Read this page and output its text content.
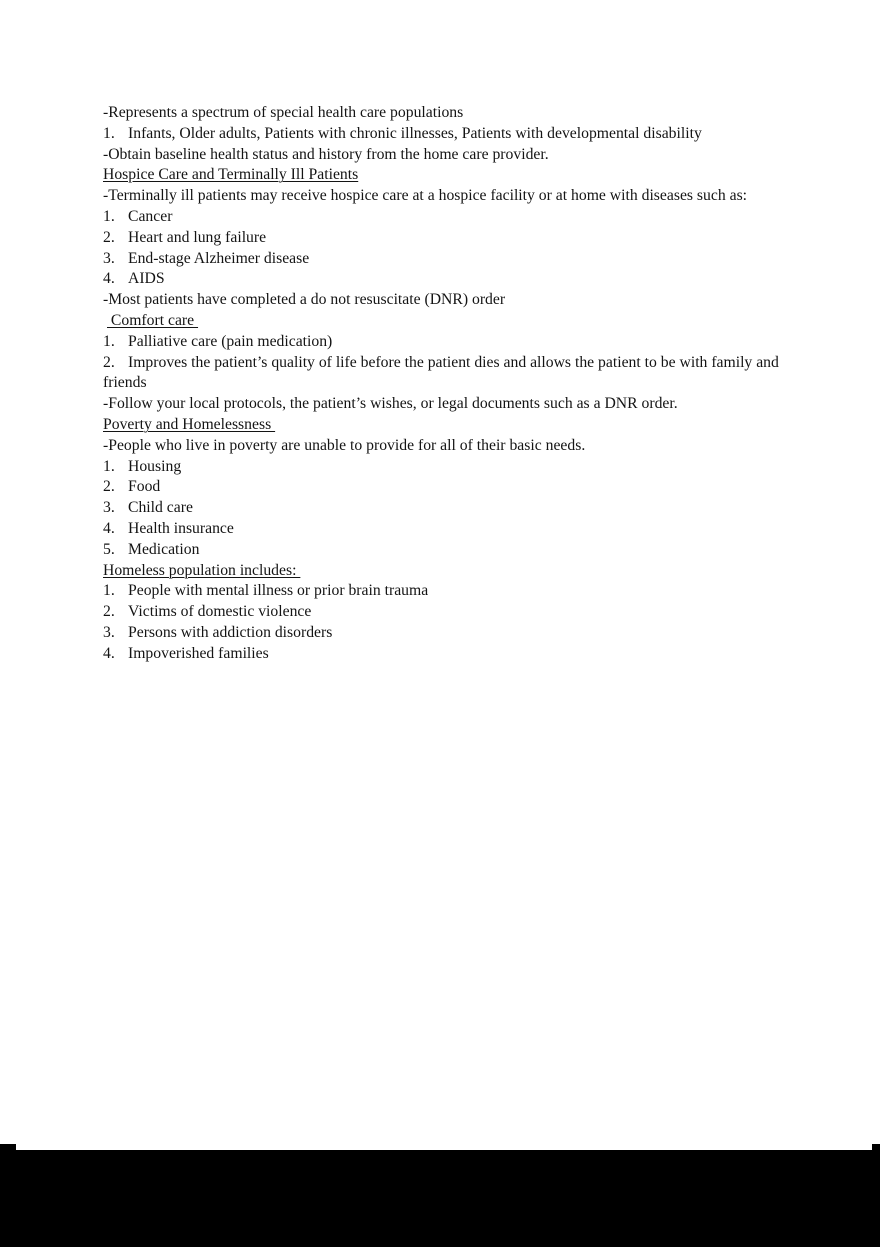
-Represents a spectrum of special health care populations
1. Infants, Older adults, Patients with chronic illnesses, Patients with developmental disability
-Obtain baseline health status and history from the home care provider.
Hospice Care and Terminally Ill Patients
-Terminally ill patients may receive hospice care at a hospice facility or at home with diseases such as:
1. Cancer
2. Heart and lung failure
3. End-stage Alzheimer disease
4. AIDS
-Most patients have completed a do not resuscitate (DNR) order
Comfort care
1. Palliative care (pain medication)
2. Improves the patient’s quality of life before the patient dies and allows the patient to be with family and friends
-Follow your local protocols, the patient’s wishes, or legal documents such as a DNR order.
Poverty and Homelessness
-People who live in poverty are unable to provide for all of their basic needs.
1. Housing
2. Food
3. Child care
4. Health insurance
5. Medication
Homeless population includes:
1. People with mental illness or prior brain trauma
2. Victims of domestic violence
3. Persons with addiction disorders
4. Impoverished families
